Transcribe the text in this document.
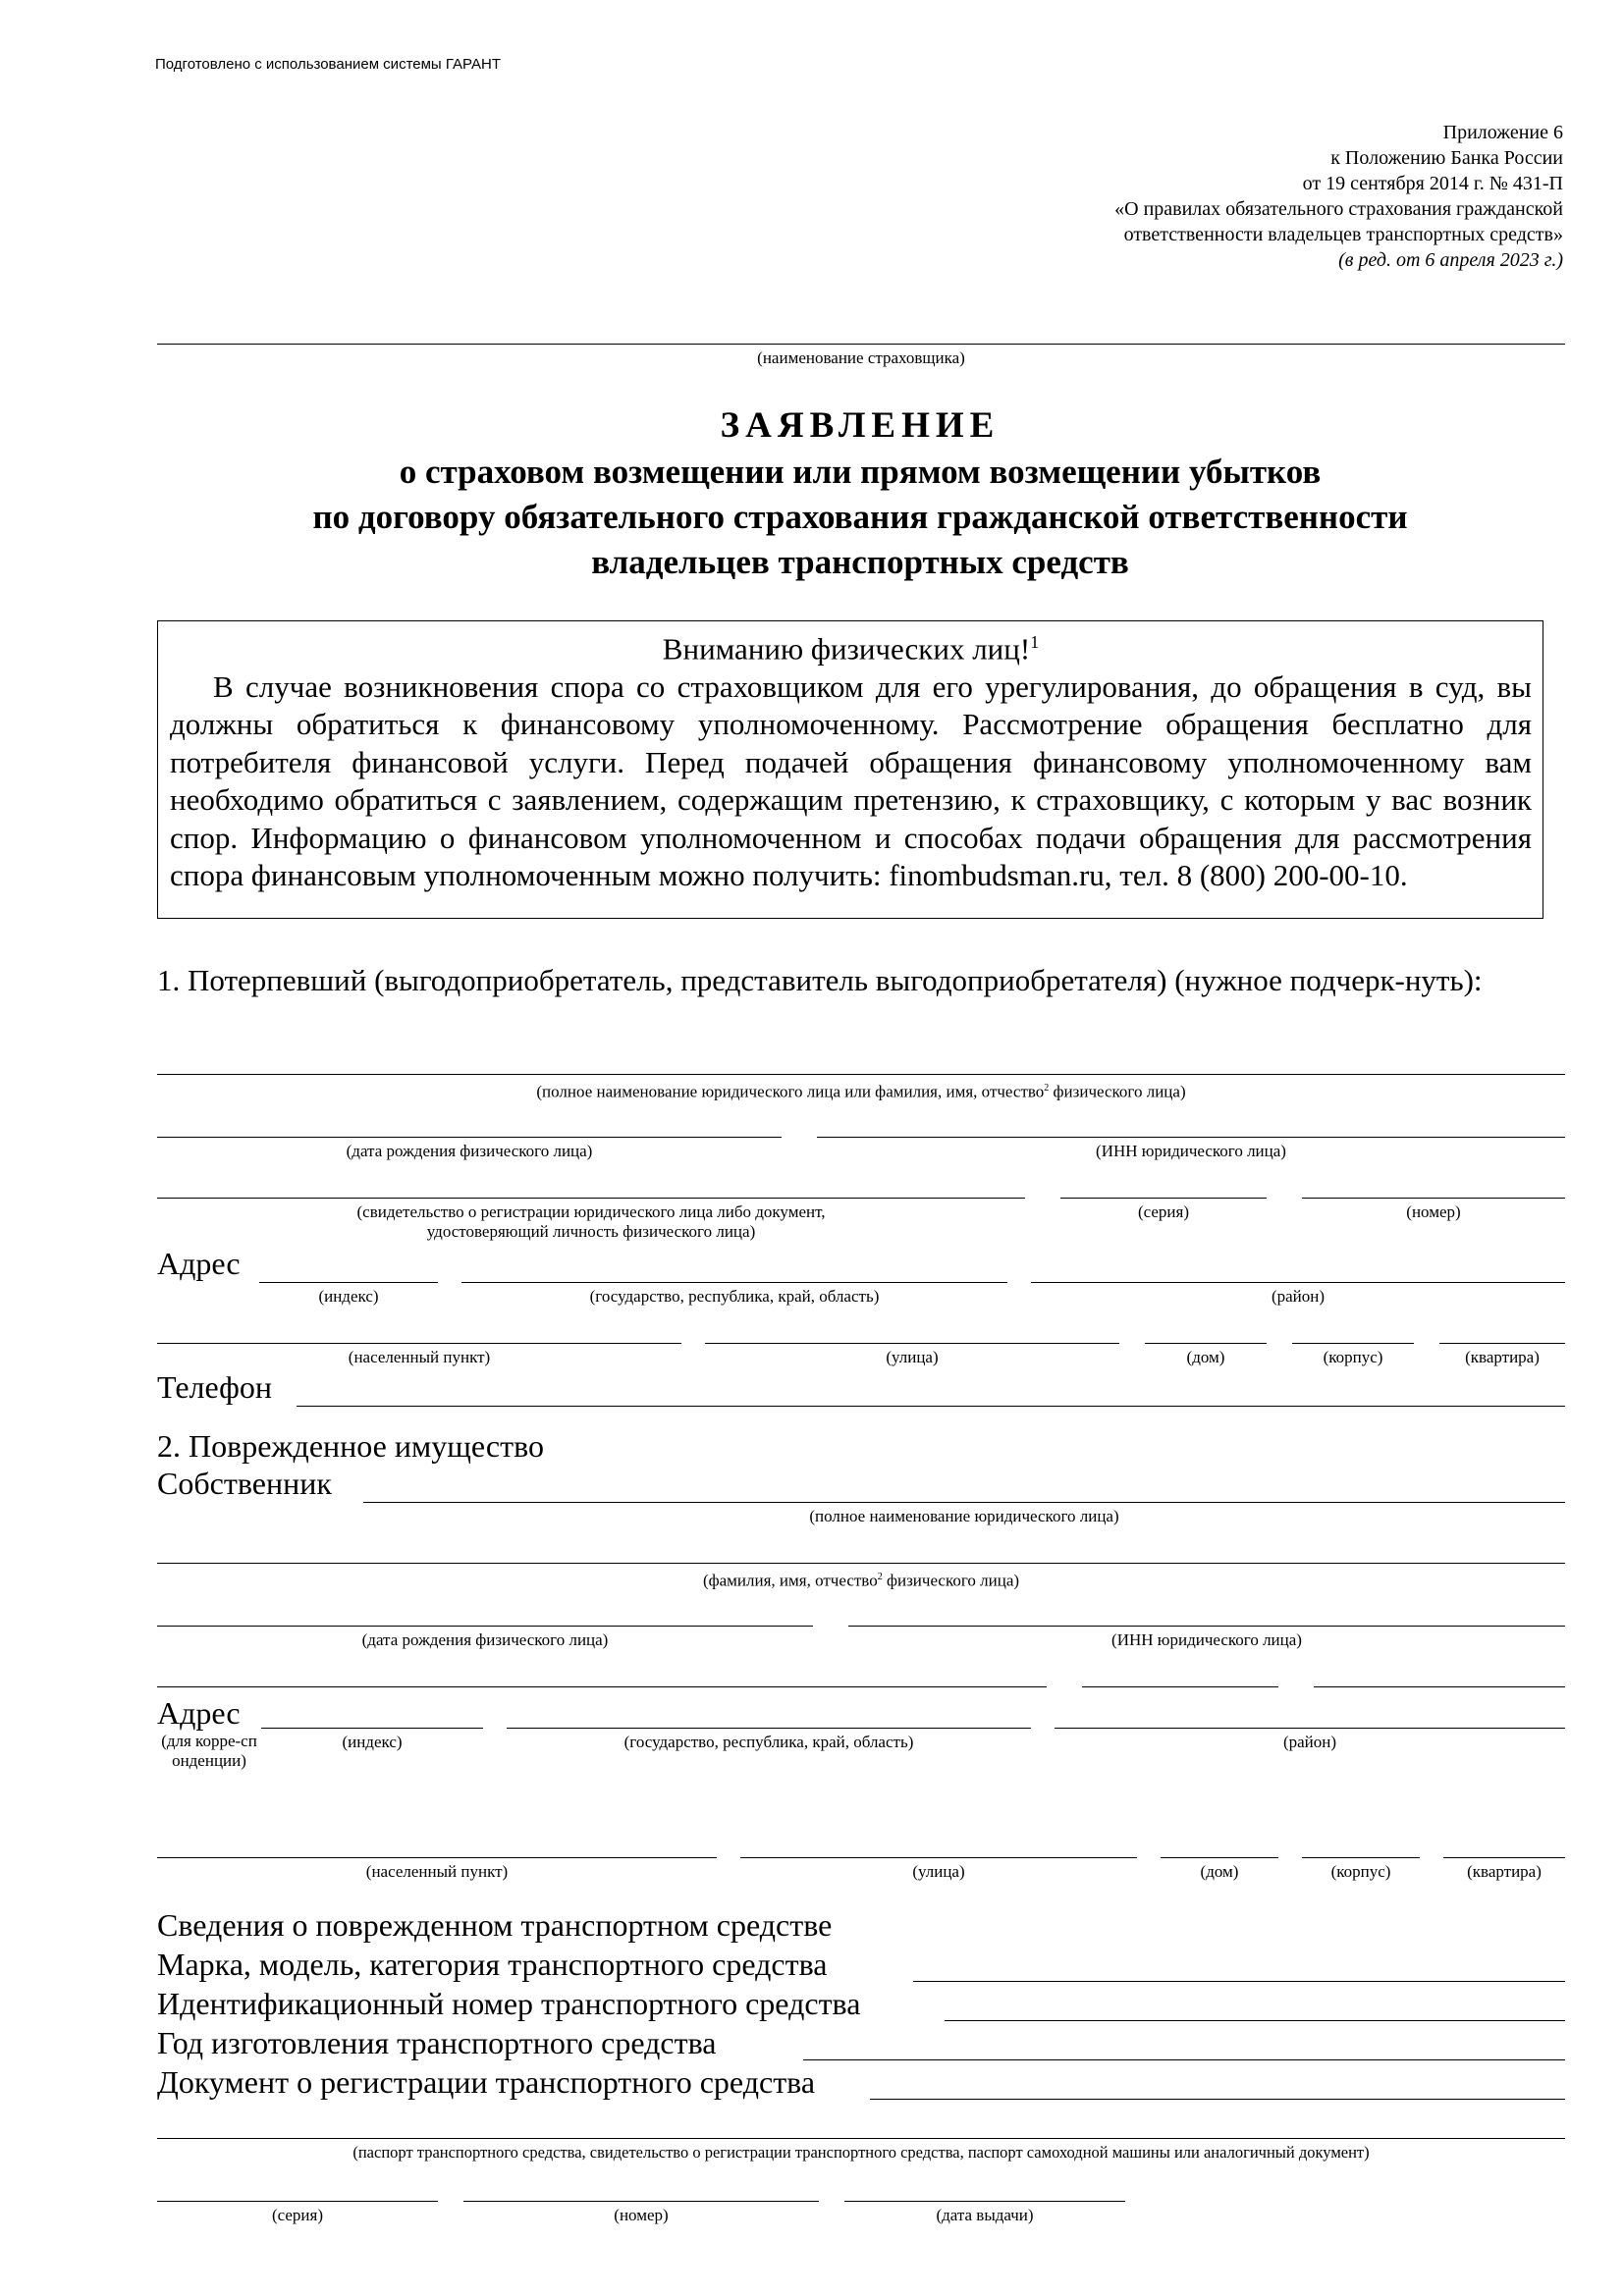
Подготовлено с использованием системы ГАРАНТ
Приложение 6
к Положению Банка России
от 19 сентября 2014 г. № 431-П
«О правилах обязательного страхования гражданской
ответственности владельцев транспортных средств»
(в ред. от 6 апреля 2023 г.)
(наименование страховщика)
ЗАЯВЛЕНИЕ
о страховом возмещении или прямом возмещении убытков
по договору обязательного страхования гражданской ответственности
владельцев транспортных средств
Вниманию физических лиц!$^1$
В случае возникновения спора со страховщиком для его урегулирования, до обращения в суд, вы должны обратиться к финансовому уполномоченному. Рассмотрение обращения бесплатно для потребителя финансовой услуги. Перед подачей обращения финансовому уполномоченному вам необходимо обратиться с заявлением, содержащим претензию, к страховщику, с которым у вас возник спор. Информацию о финансовом уполномоченном и способах подачи обращения для рассмотрения спора финансовым уполномоченным можно получить: finombudsman.ru, тел. 8 (800) 200-00-10.
1. Потерпевший (выгодоприобретатель, представитель выгодоприобретателя) (нужное подчерк-нуть):
(полное наименование юридического лица или фамилия, имя, отчество$^2$ физического лица)
(дата рождения физического лица)	(ИНН юридического лица)
(свидетельство о регистрации юридического лица либо документ,
удостоверяющий личность физического лица)
(серия)	(номер)
Адрес
(индекс)	(государство, республика, край, область)	(район)
(населенный пункт)	(улица)	(дом)	(корпус)	(квартира)
Телефон
2. Поврежденное имущество
Собственник
(полное наименование юридического лица)
(фамилия, имя, отчество$^2$ физического лица)
(дата рождения физического лица)	(ИНН юридического лица)
Адрес
(для корре-спонденции)
(индекс)	(государство, республика, край, область)	(район)
(населенный пункт)	(улица)	(дом)	(корпус)	(квартира)
Сведения о поврежденном транспортном средстве
Марка, модель, категория транспортного средства
Идентификационный номер транспортного средства
Год изготовления транспортного средства
Документ о регистрации транспортного средства
(паспорт транспортного средства, свидетельство о регистрации транспортного средства, паспорт самоходной машины или аналогичный документ)
(серия)	(номер)	(дата выдачи)
